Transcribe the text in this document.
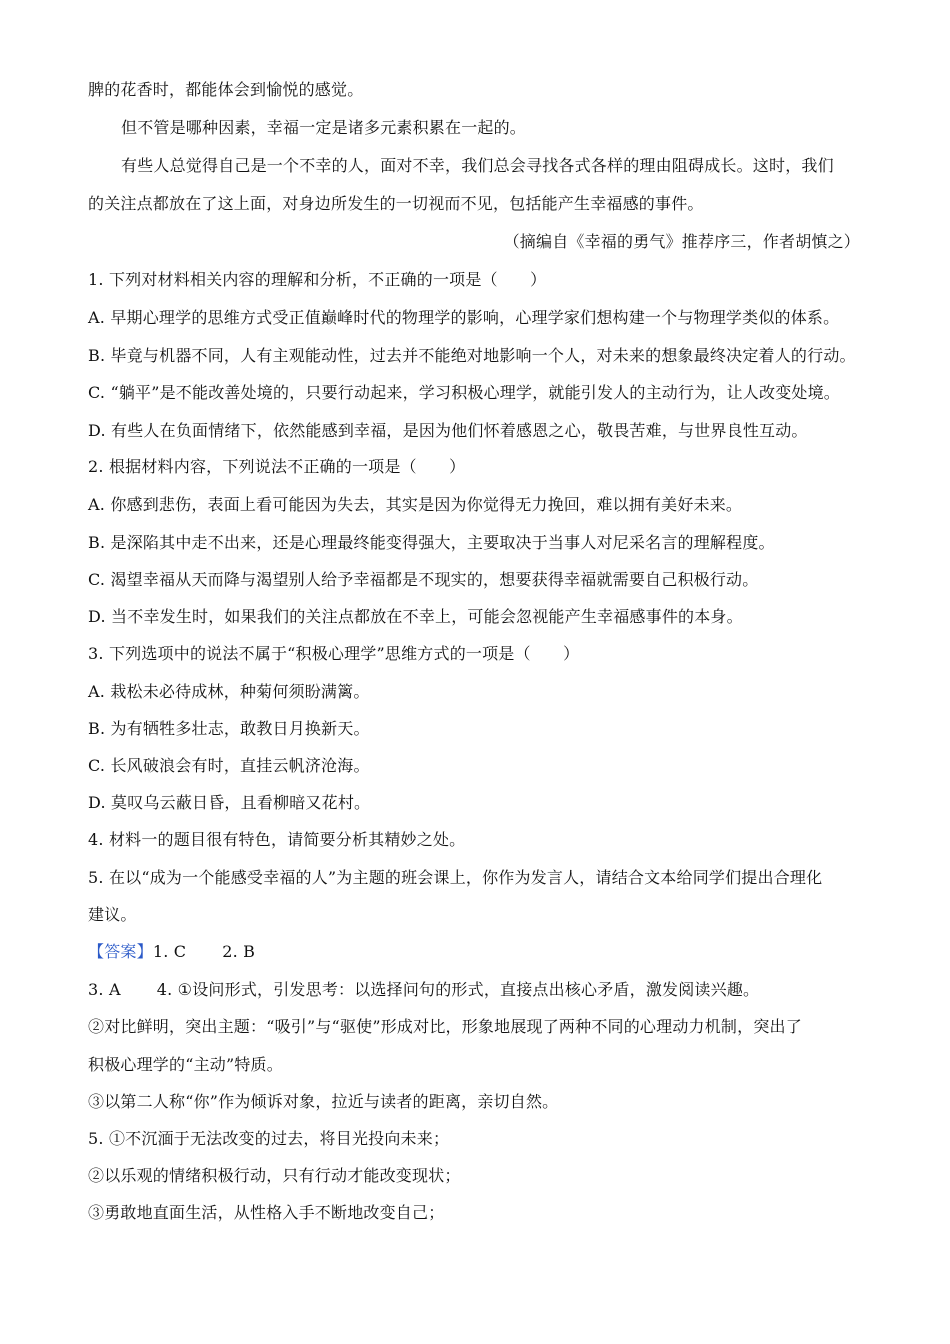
脾的花香时，都能体会到愉悦的感觉。
但不管是哪种因素，幸福一定是诸多元素积累在一起的。
有些人总觉得自己是一个不幸的人，面对不幸，我们总会寻找各式各样的理由阻碍成长。这时，我们
的关注点都放在了这上面，对身边所发生的一切视而不见，包括能产生幸福感的事件。
（摘编自《幸福的勇气》推荐序三，作者胡慎之）
1. 下列对材料相关内容的理解和分析，不正确的一项是（　　）
A. 早期心理学的思维方式受正值巅峰时代的物理学的影响，心理学家们想构建一个与物理学类似的体系。
B. 毕竟与机器不同，人有主观能动性，过去并不能绝对地影响一个人，对未来的想象最终决定着人的行动。
C. “躺平”是不能改善处境的，只要行动起来，学习积极心理学，就能引发人的主动行为，让人改变处境。
D. 有些人在负面情绪下，依然能感到幸福，是因为他们怀着感恩之心，敬畏苦难，与世界良性互动。
2. 根据材料内容，下列说法不正确的一项是（　　）
A. 你感到悲伤，表面上看可能因为失去，其实是因为你觉得无力挽回，难以拥有美好未来。
B. 是深陷其中走不出来，还是心理最终能变得强大，主要取决于当事人对尼采名言的理解程度。
C. 渴望幸福从天而降与渴望别人给予幸福都是不现实的，想要获得幸福就需要自己积极行动。
D. 当不幸发生时，如果我们的关注点都放在不幸上，可能会忽视能产生幸福感事件的本身。
3. 下列选项中的说法不属于“积极心理学”思维方式的一项是（　　）
A. 栽松未必待成林，种菊何须盼满篱。
B. 为有牺牲多壮志，敢教日月换新天。
C. 长风破浪会有时，直挂云帆济沧海。
D. 莫叹乌云蔽日昏，且看柳暗又花村。
4. 材料一的题目很有特色，请简要分析其精妙之处。
5. 在以“成为一个能感受幸福的人”为主题的班会课上，你作为发言人，请结合文本给同学们提出合理化
建议。
【答案】1. C 2. B
3. A 4. ①设问形式，引发思考：以选择问句的形式，直接点出核心矛盾，激发阅读兴趣。
②对比鲜明，突出主题：“吸引”与“驱使”形成对比，形象地展现了两种不同的心理动力机制，突出了
积极心理学的“主动”特质。
③以第二人称“你”作为倾诉对象，拉近与读者的距离，亲切自然。
5. ①不沉湎于无法改变的过去，将目光投向未来；
②以乐观的情绪积极行动，只有行动才能改变现状；
③勇敢地直面生活，从性格入手不断地改变自己；
